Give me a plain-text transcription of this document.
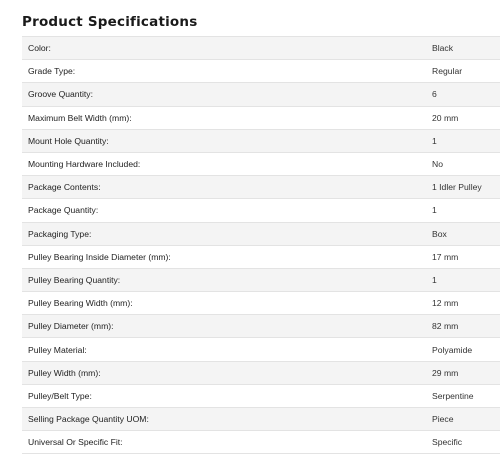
Product Specifications
Color:	Black
Grade Type:	Regular
Groove Quantity:	6
Maximum Belt Width (mm):	20 mm
Mount Hole Quantity:	1
Mounting Hardware Included:	No
Package Contents:	1 Idler Pulley
Package Quantity:	1
Packaging Type:	Box
Pulley Bearing Inside Diameter (mm):	17 mm
Pulley Bearing Quantity:	1
Pulley Bearing Width (mm):	12 mm
Pulley Diameter (mm):	82 mm
Pulley Material:	Polyamide
Pulley Width (mm):	29 mm
Pulley/Belt Type:	Serpentine
Selling Package Quantity UOM:	Piece
Universal Or Specific Fit:	Specific
